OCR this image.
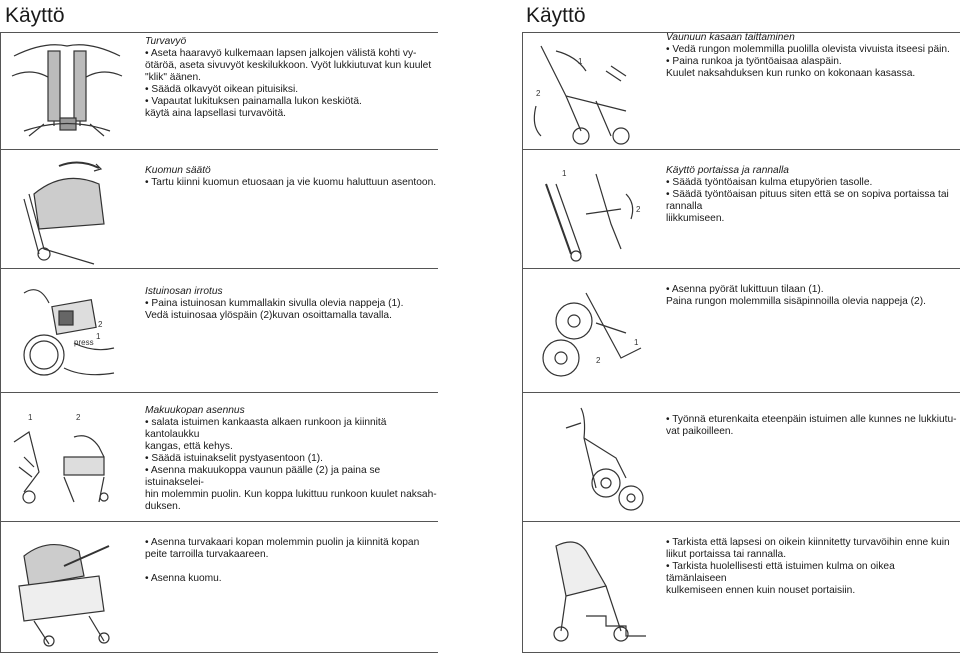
Käyttö	Käyttö

Turvavyö

• Aseta haaravyö kulkemaan lapsen jalkojen välistä kohti vy-

ötäröä, aseta sivuvyöt keskilukkoon. Vyöt lukkiutuvat kun kuulet

"klik" äänen.

• Säädä olkavyöt oikean pituisiksi.

• Vapautat lukituksen painamalla lukon keskiötä.

käytä aina lapsellasi turvavöitä.

Kuomun säätö

• Tartu kiinni kuomun etuosaan ja vie kuomu haluttuun asentoon.

2
1
press

Istuinosan irrotus

• Paina istuinosan kummallakin sivulla olevia nappeja (1).

Vedä istuinosaa ylöspäin (2)kuvan osoittamalla tavalla.

1	2

Makuukopan asennus

• salata istuimen kankaasta alkaen runkoon ja kiinnitä kantolaukku

kangas, että kehys.

• Säädä istuinakselit pystyasentoon (1).

• Asenna makuukoppa vaunun päälle (2) ja paina se istuinakselei-

hin molemmin puolin. Kun koppa lukittuu runkoon kuulet naksah-

duksen.

• Asenna turvakaari kopan molemmin puolin ja kiinnitä kopan

peite tarroilla turvakaareen.

• Asenna kuomu.

2
1

Vaunuun kasaan taittaminen

• Vedä rungon molemmilla puolilla olevista vivuista itseesi päin.

• Paina runkoa ja työntöaisaa alaspäin.

Kuulet naksahduksen kun runko on kokonaan kasassa.

1
2

Käyttö portaissa ja rannalla

• Säädä työntöaisan kulma etupyörien tasolle.

• Säädä työntöaisan pituus siten että se on sopiva portaissa tai

rannalla

liikkumiseen.

1
2

• Asenna pyörät lukittuun tilaan (1).

Paina rungon molemmilla sisäpinnoilla olevia nappeja (2).

• Työnnä eturenkaita eteenpäin istuimen alle kunnes ne lukkiutu-

vat paikoilleen.

• Tarkista että lapsesi on oikein kiinnitetty turvavöihin enne kuin

liikut portaissa tai rannalla.

• Tarkista huolellisesti että istuimen kulma on oikea tämänlaiseen

kulkemiseen ennen kuin nouset portaisiin.
